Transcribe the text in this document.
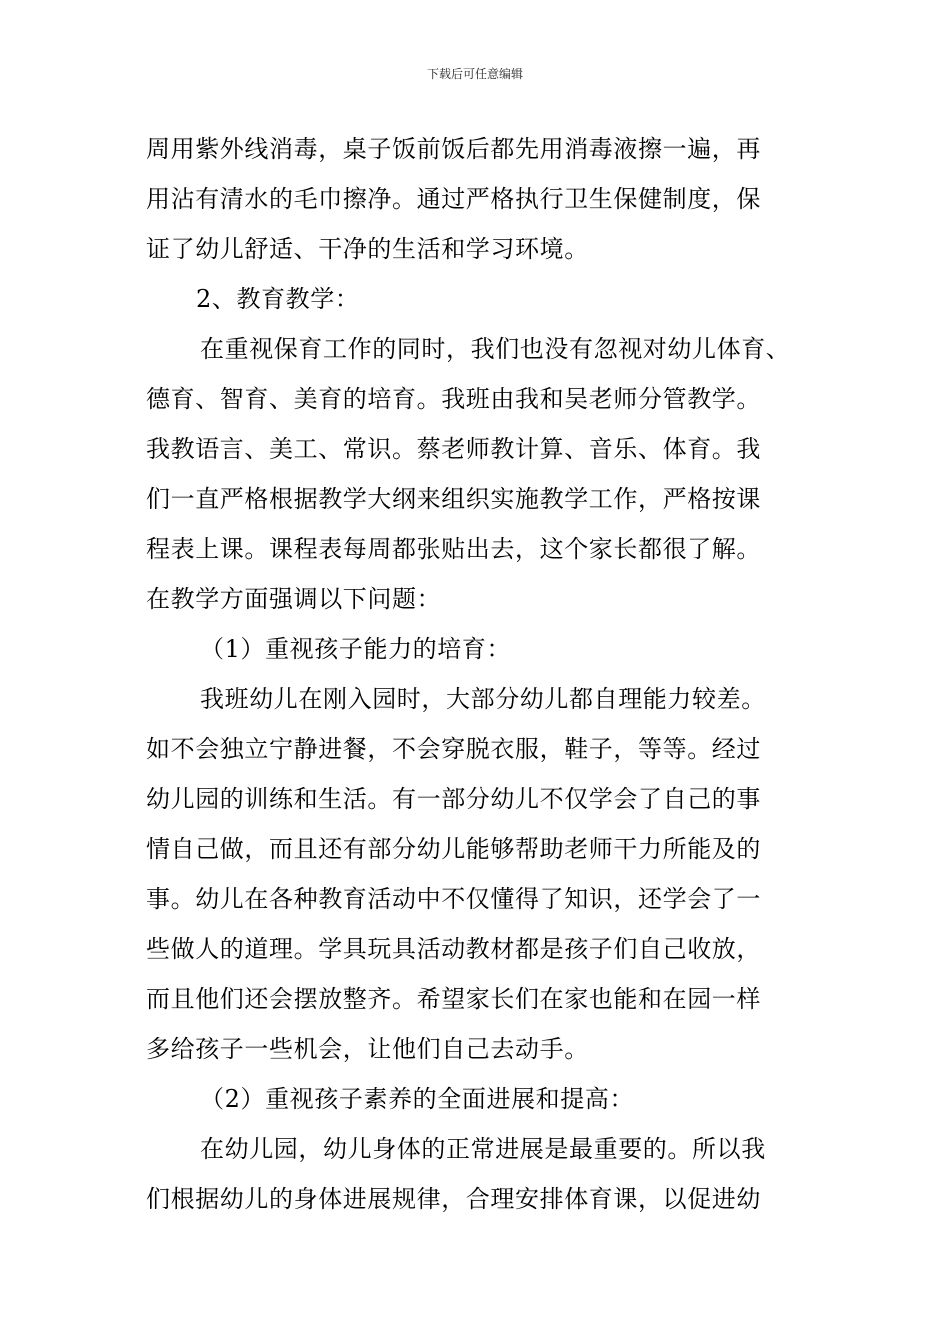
下载后可任意编辑
周用紫外线消毒，桌子饭前饭后都先用消毒液擦一遍，再
用沾有清水的毛巾擦净。通过严格执行卫生保健制度，保
证了幼儿舒适、干净的生活和学习环境。
2、教育教学：
在重视保育工作的同时，我们也没有忽视对幼儿体育、
德育、智育、美育的培育。我班由我和吴老师分管教学。
我教语言、美工、常识。蔡老师教计算、音乐、体育。我
们一直严格根据教学大纲来组织实施教学工作，严格按课
程表上课。课程表每周都张贴出去，这个家长都很了解。
在教学方面强调以下问题：
（1）重视孩子能力的培育：
我班幼儿在刚入园时，大部分幼儿都自理能力较差。
如不会独立宁静进餐，不会穿脱衣服，鞋子，等等。经过
幼儿园的训练和生活。有一部分幼儿不仅学会了自己的事
情自己做，而且还有部分幼儿能够帮助老师干力所能及的
事。幼儿在各种教育活动中不仅懂得了知识，还学会了一
些做人的道理。学具玩具活动教材都是孩子们自己收放，
而且他们还会摆放整齐。希望家长们在家也能和在园一样
多给孩子一些机会，让他们自己去动手。
（2）重视孩子素养的全面进展和提高：
在幼儿园，幼儿身体的正常进展是最重要的。所以我
们根据幼儿的身体进展规律，合理安排体育课，以促进幼
